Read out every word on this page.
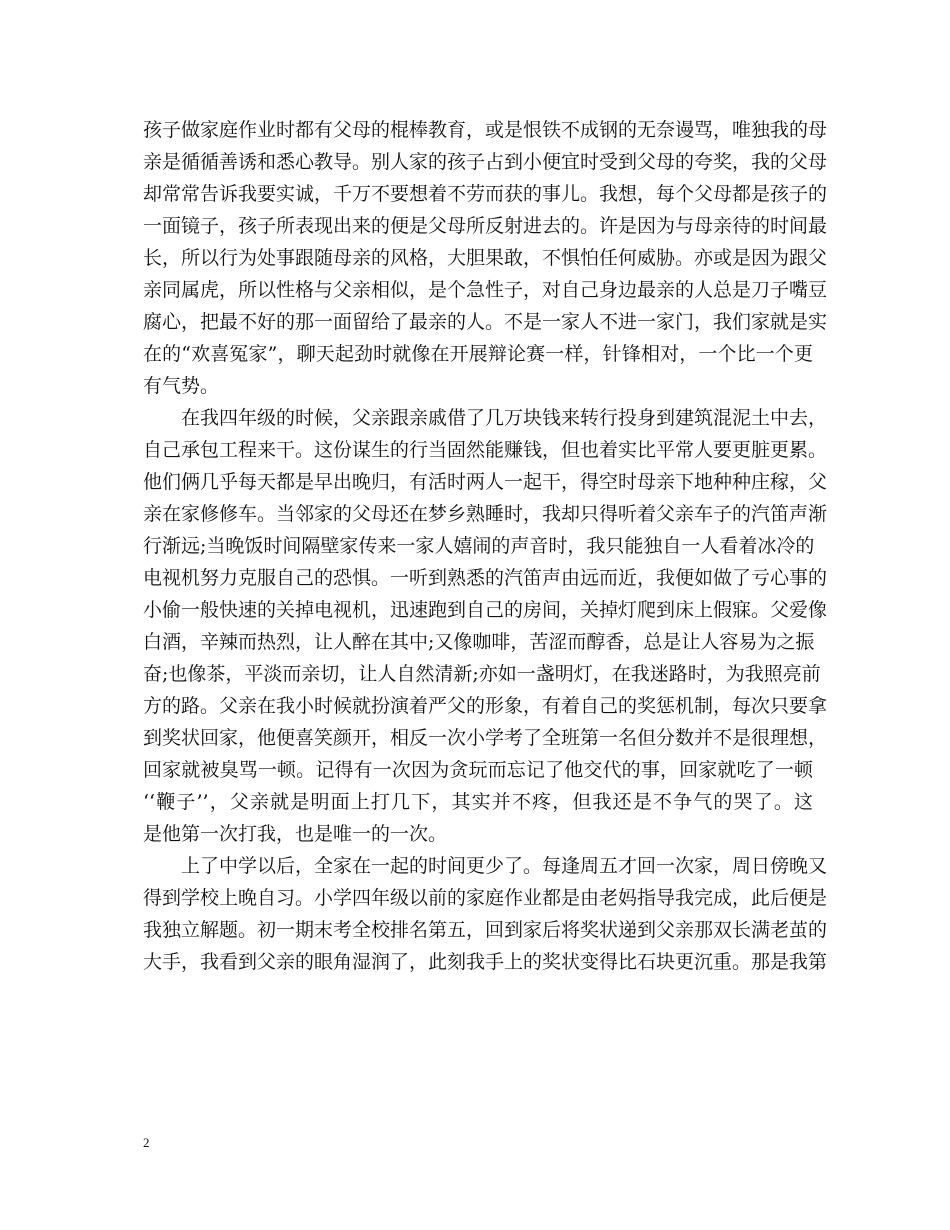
孩子做家庭作业时都有父母的棍棒教育，或是恨铁不成钢的无奈谩骂，唯独我的母
亲是循循善诱和悉心教导。别人家的孩子占到小便宜时受到父母的夸奖，我的父母
却常常告诉我要实诚，千万不要想着不劳而获的事儿。我想，每个父母都是孩子的
一面镜子，孩子所表现出来的便是父母所反射进去的。许是因为与母亲待的时间最
长，所以行为处事跟随母亲的风格，大胆果敢，不惧怕任何威胁。亦或是因为跟父
亲同属虎，所以性格与父亲相似，是个急性子，对自己身边最亲的人总是刀子嘴豆
腐心，把最不好的那一面留给了最亲的人。不是一家人不进一家门，我们家就是实
在的“欢喜冤家”，聊天起劲时就像在开展辩论赛一样，针锋相对，一个比一个更
有气势。
在我四年级的时候，父亲跟亲戚借了几万块钱来转行投身到建筑混泥土中去，
自己承包工程来干。这份谋生的行当固然能赚钱，但也着实比平常人要更脏更累。
他们俩几乎每天都是早出晚归，有活时两人一起干，得空时母亲下地种种庄稼，父
亲在家修修车。当邻家的父母还在梦乡熟睡时，我却只得听着父亲车子的汽笛声渐
行渐远;当晚饭时间隔壁家传来一家人嬉闹的声音时，我只能独自一人看着冰冷的
电视机努力克服自己的恐惧。一听到熟悉的汽笛声由远而近，我便如做了亏心事的
小偷一般快速的关掉电视机，迅速跑到自己的房间，关掉灯爬到床上假寐。父爱像
白酒，辛辣而热烈，让人醉在其中;又像咖啡，苦涩而醇香，总是让人容易为之振
奋;也像茶，平淡而亲切，让人自然清新;亦如一盏明灯，在我迷路时，为我照亮前
方的路。父亲在我小时候就扮演着严父的形象，有着自己的奖惩机制，每次只要拿
到奖状回家，他便喜笑颜开，相反一次小学考了全班第一名但分数并不是很理想，
回家就被臭骂一顿。记得有一次因为贪玩而忘记了他交代的事，回家就吃了一顿
‘‘鞭子’’，父亲就是明面上打几下，其实并不疼，但我还是不争气的哭了。这
是他第一次打我，也是唯一的一次。
上了中学以后，全家在一起的时间更少了。每逢周五才回一次家，周日傍晚又
得到学校上晚自习。小学四年级以前的家庭作业都是由老妈指导我完成，此后便是
我独立解题。初一期末考全校排名第五，回到家后将奖状递到父亲那双长满老茧的
大手，我看到父亲的眼角湿润了，此刻我手上的奖状变得比石块更沉重。那是我第
2
